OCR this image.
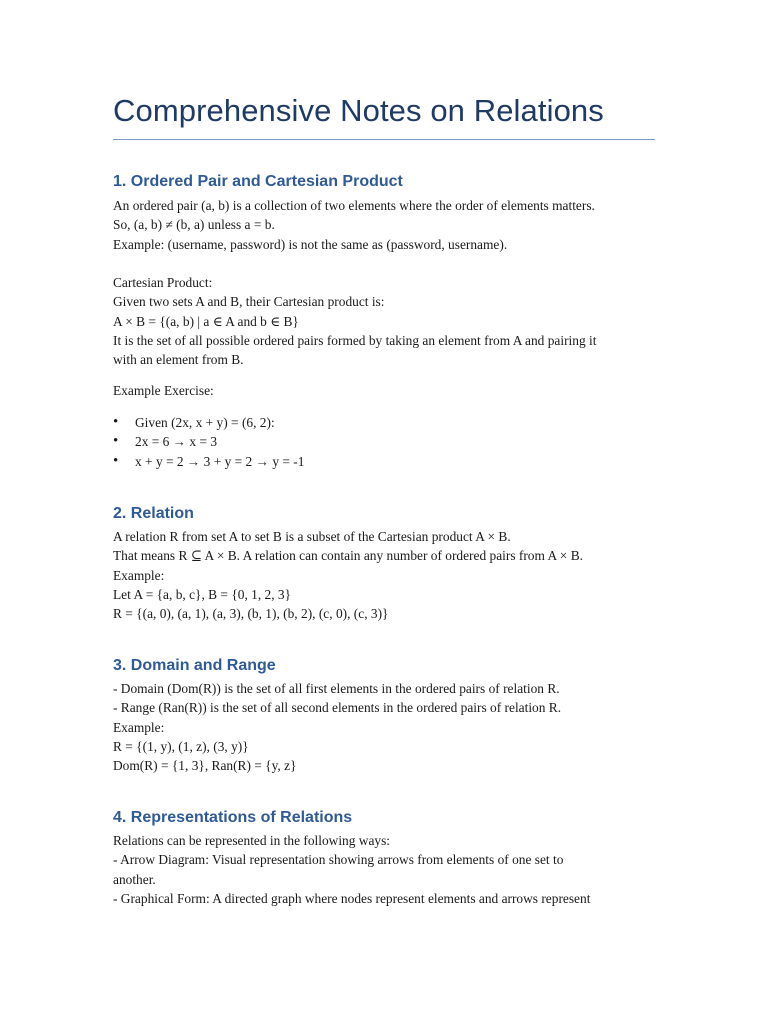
Comprehensive Notes on Relations
1. Ordered Pair and Cartesian Product

An ordered pair (a, b) is a collection of two elements where the order of elements matters.

So, (a, b) ≠ (b, a) unless a = b.

Example: (username, password) is not the same as (password, username).

Cartesian Product:

Given two sets A and B, their Cartesian product is:

A × B = {(a, b) | a ∈ A and b ∈ B}

It is the set of all possible ordered pairs formed by taking an element from A and pairing it

with an element from B.

Example Exercise:

• Given (2x, x + y) = (6, 2):
• 2x = 6 → x = 3
• x + y = 2 → 3 + y = 2 → y = -1
2. Relation

A relation R from set A to set B is a subset of the Cartesian product A × B.

That means R ⊆ A × B. A relation can contain any number of ordered pairs from A × B.

Example:

Let A = {a, b, c}, B = {0, 1, 2, 3}

R = {(a, 0), (a, 1), (a, 3), (b, 1), (b, 2), (c, 0), (c, 3)}

3. Domain and Range

- Domain (Dom(R)) is the set of all first elements in the ordered pairs of relation R.

- Range (Ran(R)) is the set of all second elements in the ordered pairs of relation R.

Example:

R = {(1, y), (1, z), (3, y)}

Dom(R) = {1, 3}, Ran(R) = {y, z}

4. Representations of Relations

Relations can be represented in the following ways:

- Arrow Diagram: Visual representation showing arrows from elements of one set to

another.

- Graphical Form: A directed graph where nodes represent elements and arrows represent
